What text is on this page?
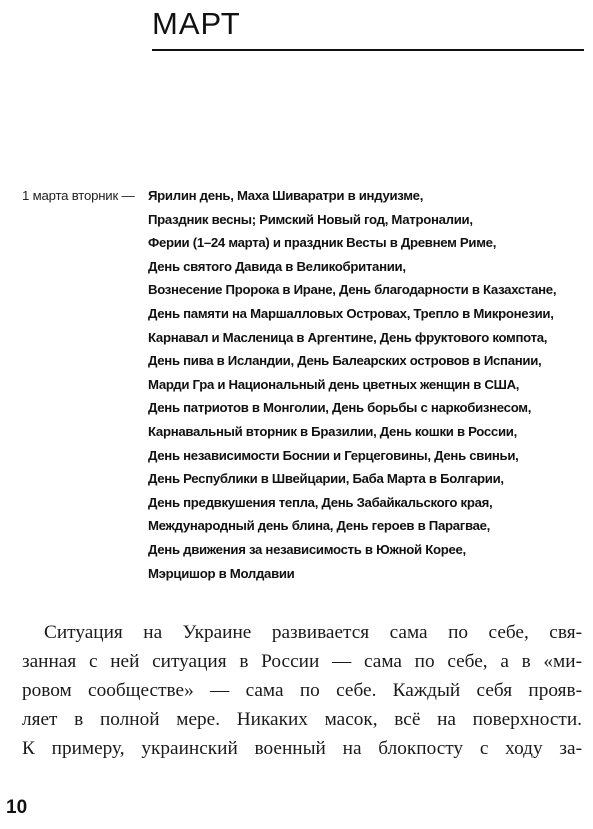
МАРТ
1 марта вторник —	Ярилин день, Маха Шиваратри в индуизме,
Праздник весны; Римский Новый год, Матроналии,
Ферии (1–24 марта) и праздник Весты в Древнем Риме,
День святого Давида в Великобритании,
Вознесение Пророка в Иране, День благодарности в Казахстане,
День памяти на Маршалловых Островах, Трепло в Микронезии,
Карнавал и Масленица в Аргентине, День фруктового компота,
День пива в Исландии, День Балеарских островов в Испании,
Марди Гра и Национальный день цветных женщин в США,
День патриотов в Монголии, День борьбы с наркобизнесом,
Карнавальный вторник в Бразилии, День кошки в России,
День независимости Боснии и Герцеговины, День свиньи,
День Республики в Швейцарии, Баба Марта в Болгарии,
День предвкушения тепла, День Забайкальского края,
Международный день блина, День героев в Парагвае,
День движения за независимость в Южной Корее,
Мэрцишор в Молдавии
Ситуация на Украине развивается сама по себе, свя-
занная с ней ситуация в России — сама по себе, а в «ми-
ровом сообществе» — сама по себе. Каждый себя прояв-
ляет в полной мере. Никаких масок, всё на поверхности.
К примеру, украинский военный на блокпосту с ходу за-
10
